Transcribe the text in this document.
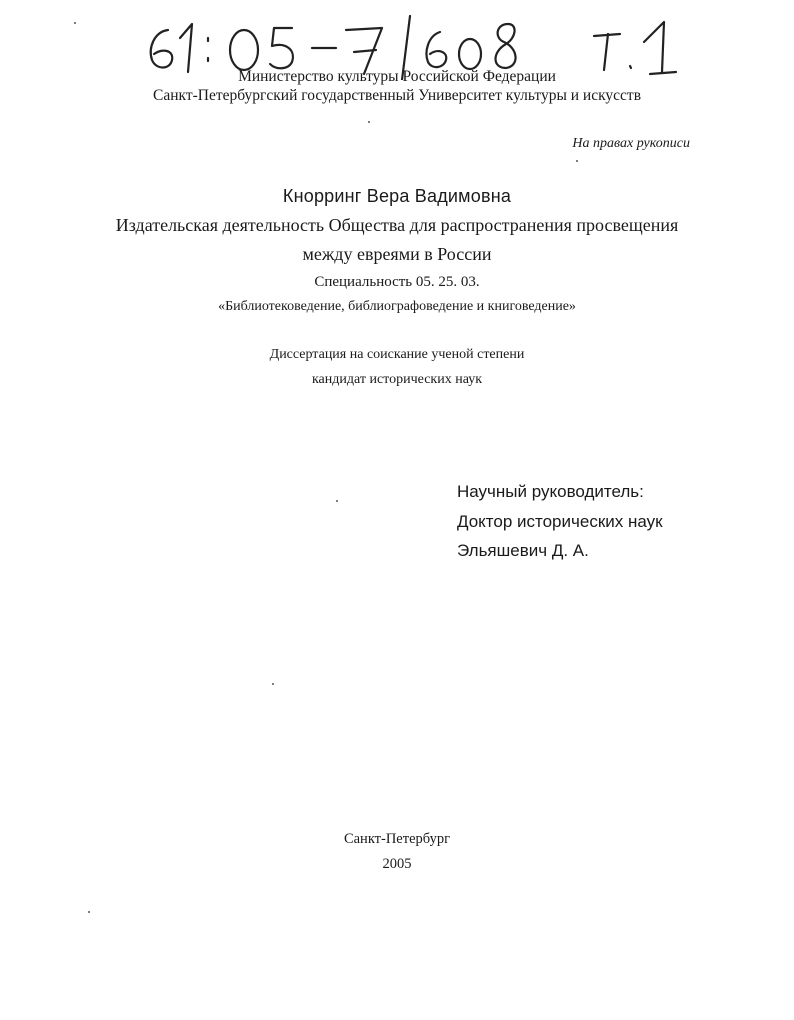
Министерство культуры Российской Федерации
Санкт-Петербургский государственный Университет культуры и искусств
На правах рукописи
Кнорринг Вера Вадимовна
Издательская деятельность Общества для распространения просвещения
между евреями в России
Специальность 05. 25. 03.
«Библиотековедение, библиографоведение и книговедение»
Диссертация на соискание ученой степени
кандидат исторических наук
Научный руководитель:
Доктор исторических наук
Эльяшевич Д. А.
Санкт-Петербург
2005
